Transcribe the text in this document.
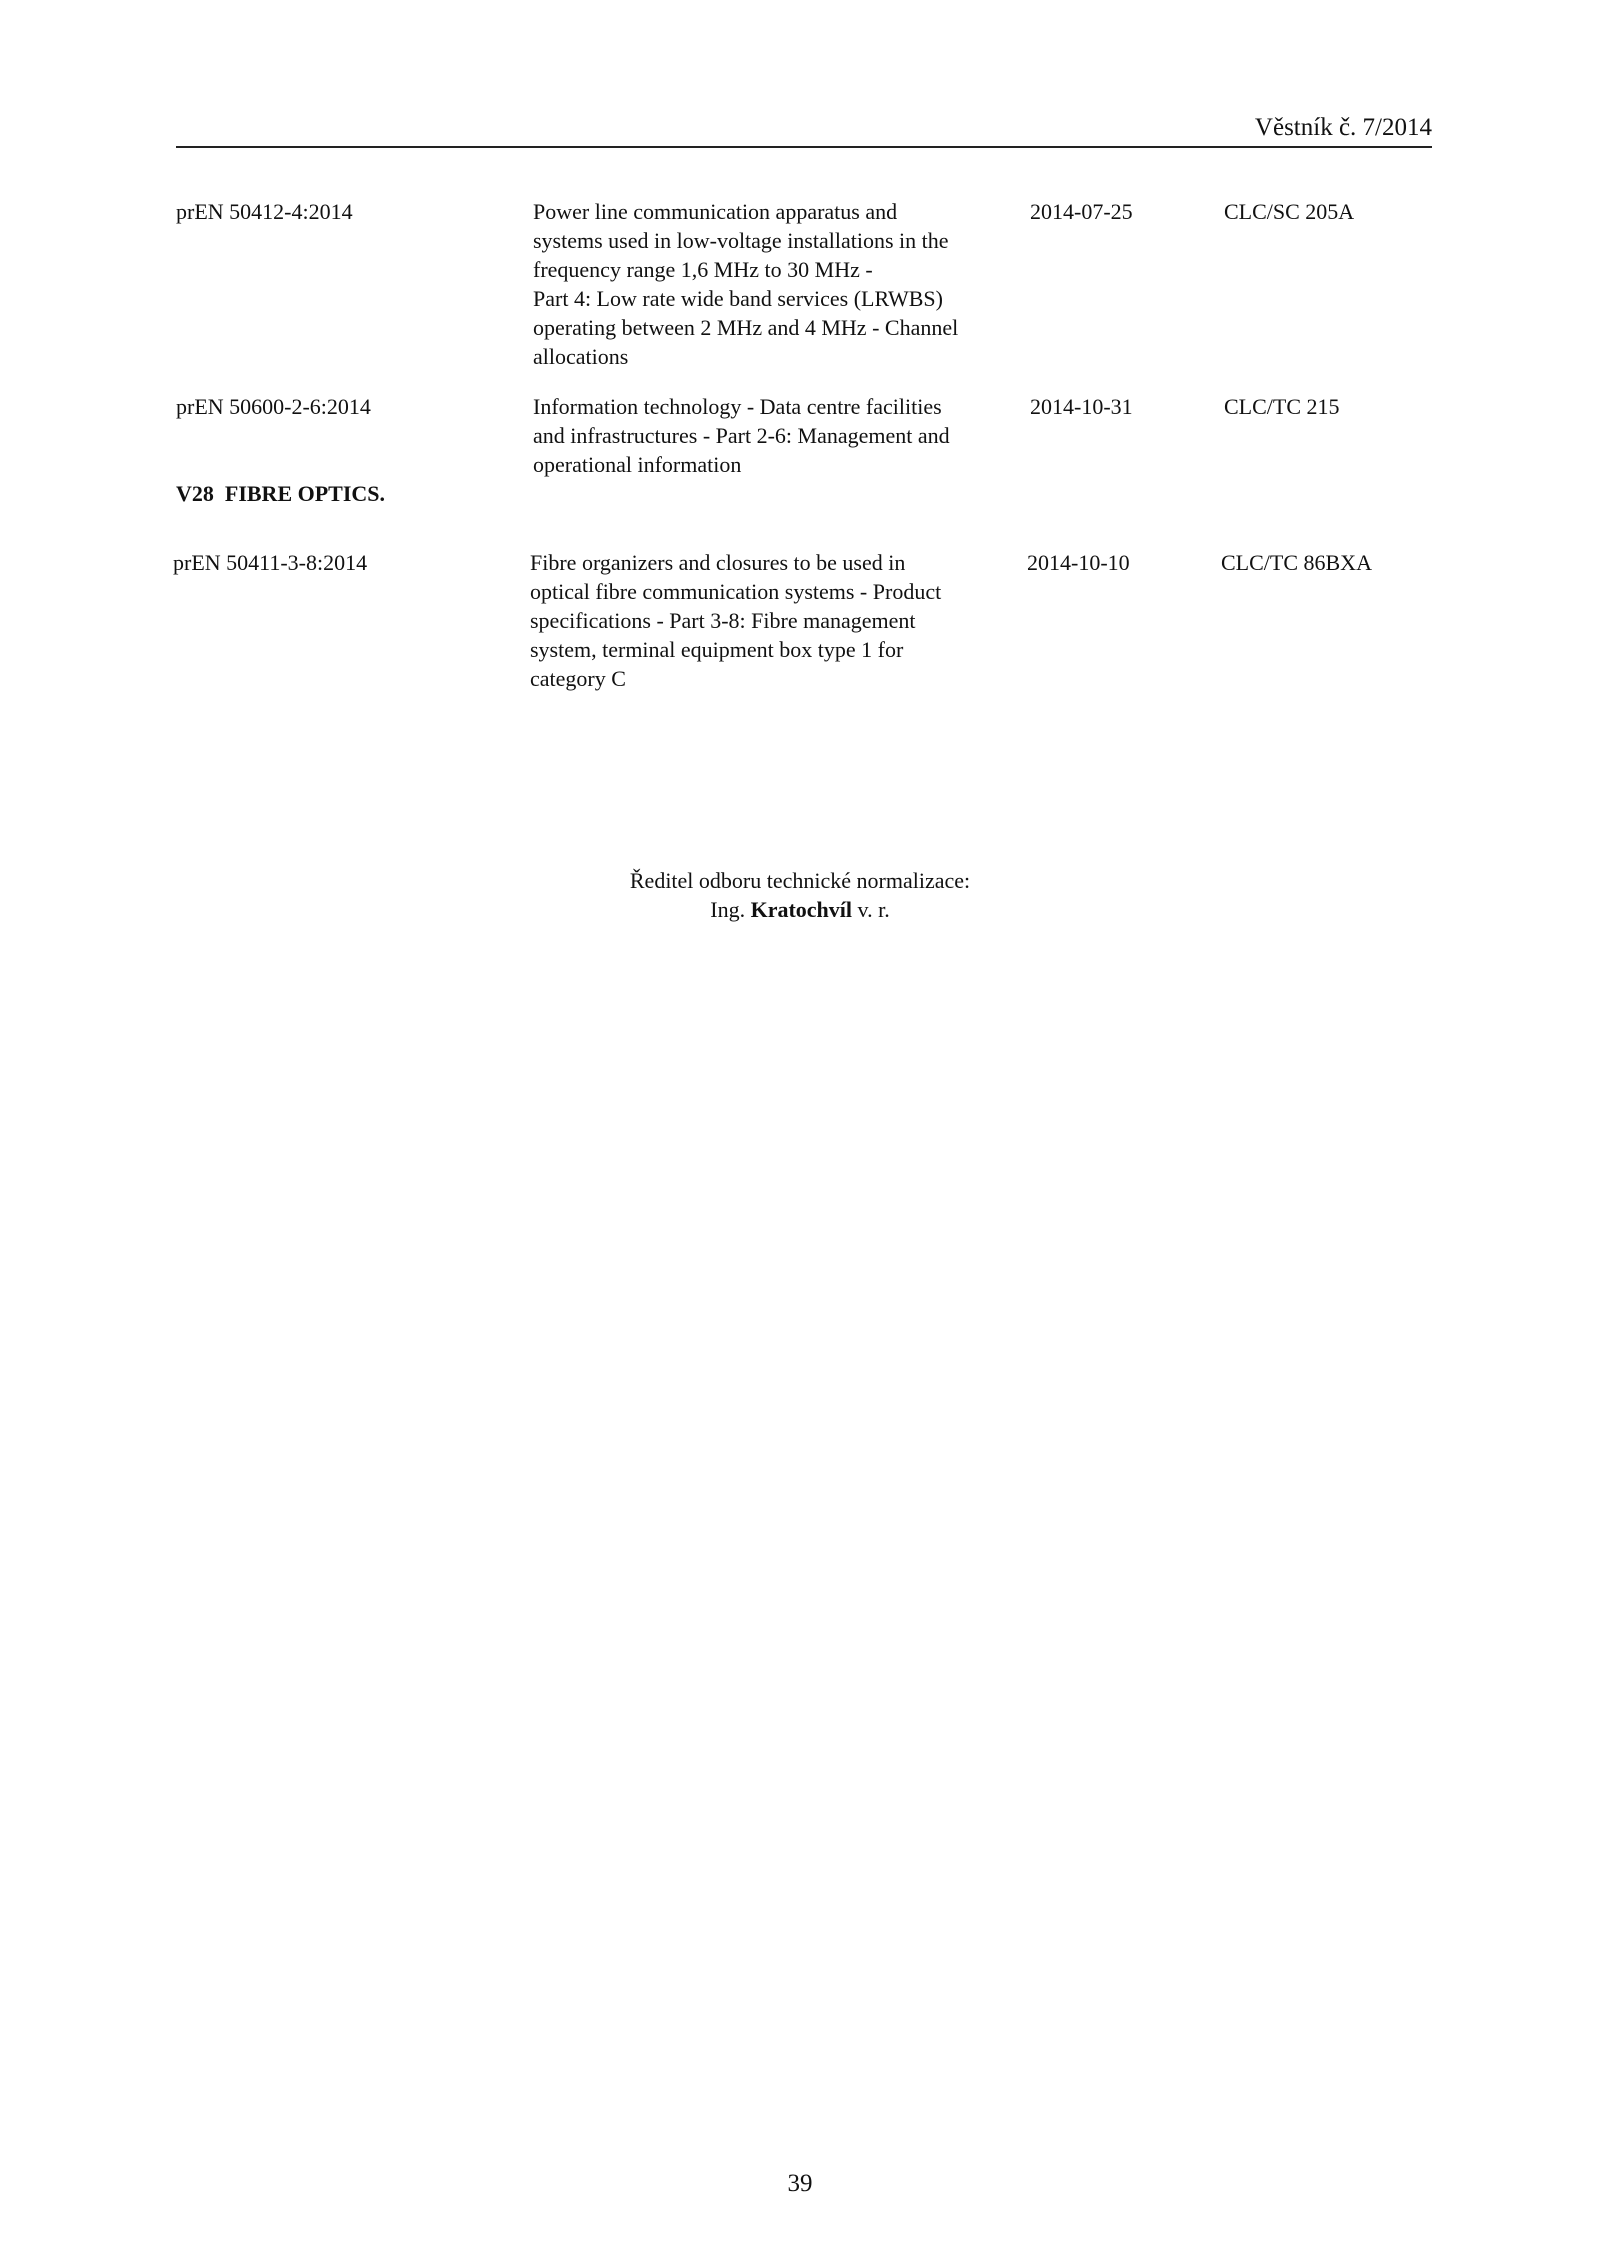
Věstník č. 7/2014
prEN 50412-4:2014	Power line communication apparatus and
systems used in low-voltage installations in the
frequency range 1,6 MHz to 30 MHz -
Part 4: Low rate wide band services (LRWBS)
operating between 2 MHz and 4 MHz - Channel
allocations
2014-07-25	CLC/SC 205A
prEN 50600-2-6:2014	Information technology - Data centre facilities
and infrastructures - Part 2-6: Management and
operational information
2014-10-31	CLC/TC 215
V28  FIBRE OPTICS.
prEN 50411-3-8:2014	Fibre organizers and closures to be used in
optical fibre communication systems - Product
specifications - Part 3-8: Fibre management
system, terminal equipment box type 1 for
category C
2014-10-10	CLC/TC 86BXA
Ředitel odboru technické normalizace:
Ing. Kratochvíl v. r.
39
